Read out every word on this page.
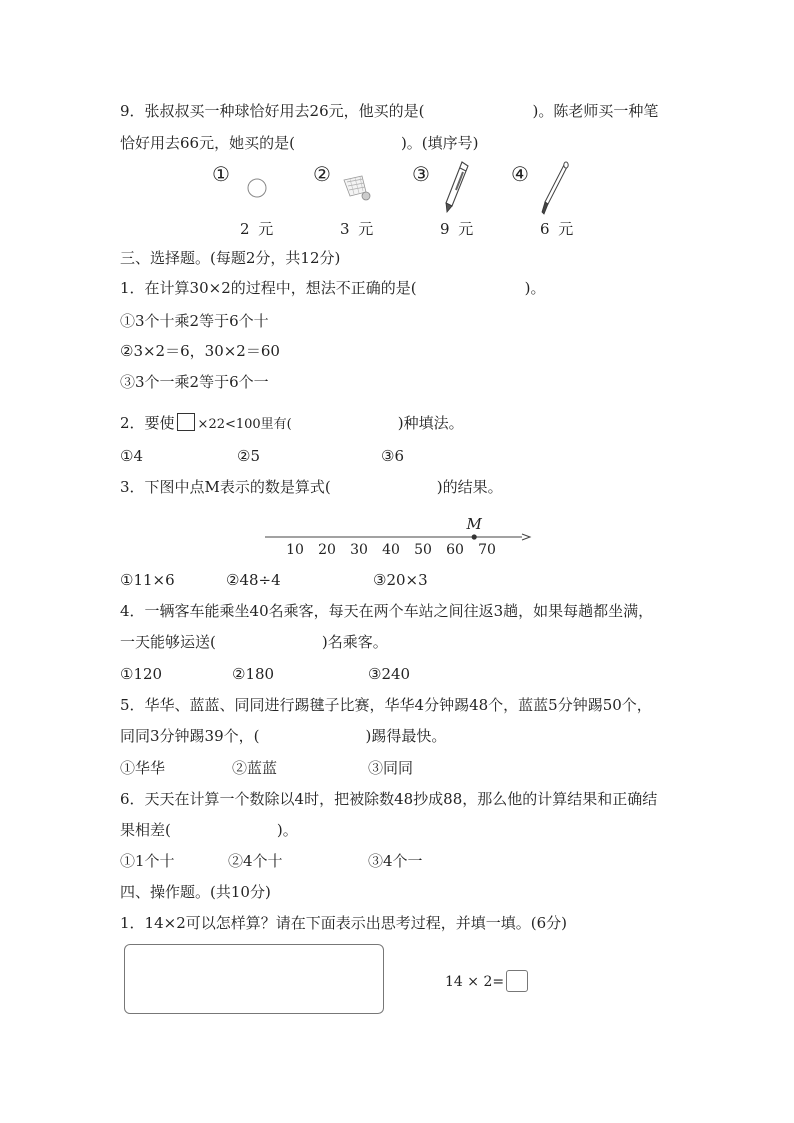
9．张叔叔买一种球恰好用去26元，他买的是(	)。陈老师买一种笔
恰好用去66元，她买的是(	)。(填序号)
①
2 元
②
3 元
③
9 元
④
6 元
三、选择题。(每题2分，共12分)
1．在计算30×2的过程中，想法不正确的是(	)。
①3个十乘2等于6个十
②3×2＝6，30×2＝60
③3个一乘2等于6个一
2．要使 ×22<100里有(	)种填法。
①4	②5	③6
3．下图中点M表示的数是算式(	)的结果。
10 20 30 40 50 60 70
M
①11×6	②48÷4	③20×3
4．一辆客车能乘坐40名乘客，每天在两个车站之间往返3趟，如果每趟都坐满，
一天能够运送(	)名乘客。
①120	②180	③240
5．华华、蓝蓝、同同进行踢毽子比赛，华华4分钟踢48个，蓝蓝5分钟踢50个，
同同3分钟踢39个，(	)踢得最快。
①华华	②蓝蓝	③同同
6．天天在计算一个数除以4时，把被除数48抄成88，那么他的计算结果和正确结
果相差(	)。
①1个十	②4个十	③4个一
四、操作题。(共10分)
1．14×2可以怎样算？请在下面表示出思考过程，并填一填。(6分)
14 × 2=
